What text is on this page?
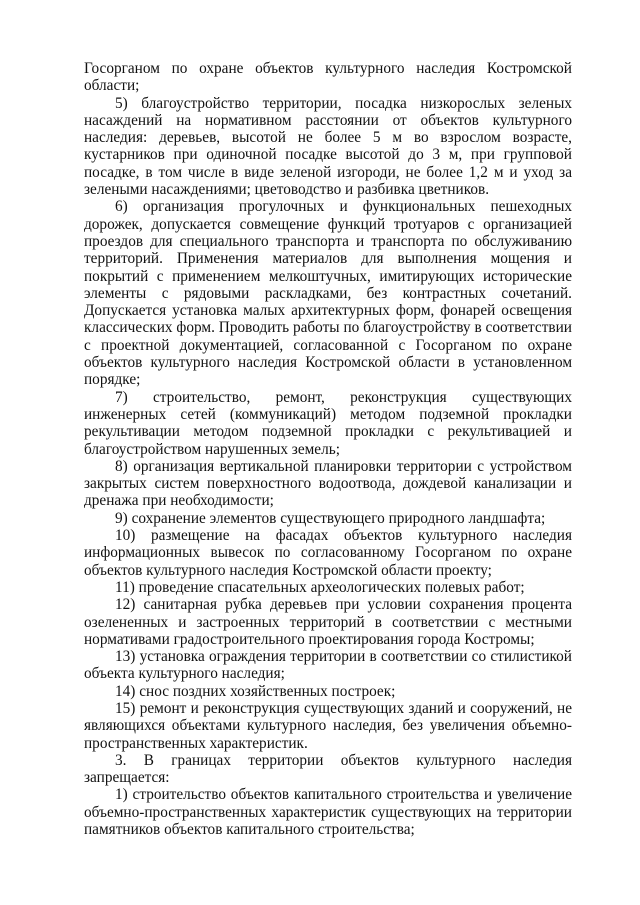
Госорганом по охране объектов культурного наследия Костромской области;

5) благоустройство территории, посадка низкорослых зеленых насаждений на нормативном расстоянии от объектов культурного наследия: деревьев, высотой не более 5 м во взрослом возрасте, кустарников при одиночной посадке высотой до 3 м, при групповой посадке, в том числе в виде зеленой изгороди, не более 1,2 м и уход за зелеными насаждениями; цветоводство и разбивка цветников.

6) организация прогулочных и функциональных пешеходных дорожек, допускается совмещение функций тротуаров с организацией проездов для специального транспорта и транспорта по обслуживанию территорий. Применения материалов для выполнения мощения и покрытий с применением мелкоштучных, имитирующих исторические элементы с рядовыми раскладками, без контрастных сочетаний. Допускается установка малых архитектурных форм, фонарей освещения классических форм. Проводить работы по благоустройству в соответствии с проектной документацией, согласованной с Госорганом по охране объектов культурного наследия Костромской области в установленном порядке;

7) строительство, ремонт, реконструкция существующих инженерных сетей (коммуникаций) методом подземной прокладки рекультивации методом подземной прокладки с рекультивацией и благоустройством нарушенных земель;

8) организация вертикальной планировки территории с устройством закрытых систем поверхностного водоотвода, дождевой канализации и дренажа при необходимости;

9) сохранение элементов существующего природного ландшафта;

10) размещение на фасадах объектов культурного наследия информационных вывесок по согласованному Госорганом по охране объектов культурного наследия Костромской области проекту;

11) проведение спасательных археологических полевых работ;

12) санитарная рубка деревьев при условии сохранения процента озелененных и застроенных территорий в соответствии с местными нормативами градостроительного проектирования города Костромы;

13) установка ограждения территории в соответствии со стилистикой объекта культурного наследия;

14) снос поздних хозяйственных построек;

15) ремонт и реконструкция существующих зданий и сооружений, не являющихся объектами культурного наследия, без увеличения объемно-пространственных характеристик.

3. В границах территории объектов культурного наследия запрещается:

1) строительство объектов капитального строительства и увеличение объемно-пространственных характеристик существующих на территории памятников объектов капитального строительства;
